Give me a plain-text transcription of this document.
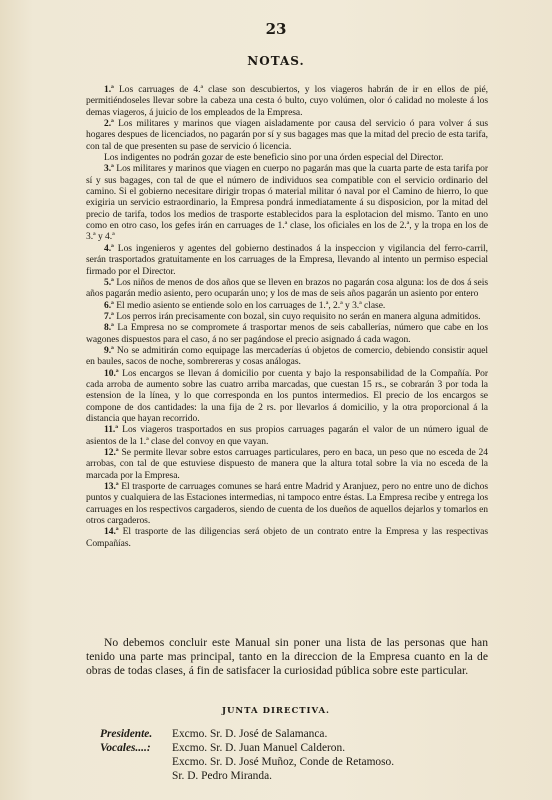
23
NOTAS.

1.ª Los carruages de 4.ª clase son descubiertos, y los viageros habrán de ir en ellos de pié, permitiéndoseles llevar sobre la cabeza una cesta ó bulto, cuyo volúmen, olor ó calidad no moleste á los demas viageros, á juicio de los empleados de la Empresa.

2.ª Los militares y marinos que viagen aisladamente por causa del servicio ó para volver á sus hogares despues de licenciados, no pagarán por sí y sus bagages mas que la mitad del precio de esta tarifa, con tal de que presenten su pase de servicio ó licencia.

Los indigentes no podrán gozar de este beneficio sino por una órden especial del Director.

3.ª Los militares y marinos que viagen en cuerpo no pagarán mas que la cuarta parte de esta tarifa por sí y sus bagages, con tal de que el número de individuos sea compatible con el servicio ordinario del camino. Si el gobierno necesitare dirigir tropas ó material militar ó naval por el Camino de hierro, lo que exigiria un servicio estraordinario, la Empresa pondrá inmediatamente á su disposicion, por la mitad del precio de tarifa, todos los medios de trasporte establecidos para la esplotacion del mismo. Tanto en uno como en otro caso, los gefes irán en carruages de 1.ª clase, los oficiales en los de 2.ª, y la tropa en los de 3.ª y 4.ª

4.ª Los ingenieros y agentes del gobierno destinados á la inspeccion y vigilancia del ferro-carril, serán trasportados gratuitamente en los carruages de la Empresa, llevando al intento un permiso especial firmado por el Director.

5.ª Los niños de menos de dos años que se lleven en brazos no pagarán cosa alguna: los de dos á seis años pagarán medio asiento, pero ocuparán uno; y los de mas de seis años pagarán un asiento por entero

6.ª El medio asiento se entiende solo en los carruages de 1.ª, 2.ª y 3.ª clase.

7.ª Los perros irán precisamente con bozal, sin cuyo requisito no serán en manera alguna admitidos.

8.ª La Empresa no se compromete á trasportar menos de seis caballerías, número que cabe en los wagones dispuestos para el caso, á no ser pagándose el precio asignado á cada wagon.

9.ª No se admitirán como equipage las mercaderías ú objetos de comercio, debiendo consistir aquel en baules, sacos de noche, sombrereras y cosas análogas.

10.ª Los encargos se llevan á domicilio por cuenta y bajo la responsabilidad de la Compañía. Por cada arroba de aumento sobre las cuatro arriba marcadas, que cuestan 15 rs., se cobrarán 3 por toda la estension de la línea, y lo que corresponda en los puntos intermedios. El precio de los encargos se compone de dos cantidades: la una fija de 2 rs. por llevarlos á domicilio, y la otra proporcional á la distancia que hayan recorrido.

11.ª Los viageros trasportados en sus propios carruages pagarán el valor de un número igual de asientos de la 1.ª clase del convoy en que vayan.

12.ª Se permite llevar sobre estos carruages particulares, pero en baca, un peso que no esceda de 24 arrobas, con tal de que estuviese dispuesto de manera que la altura total sobre la via no esceda de la marcada por la Empresa.

13.ª El trasporte de carruages comunes se hará entre Madrid y Aranjuez, pero no entre uno de dichos puntos y cualquiera de las Estaciones intermedias, ni tampoco entre éstas. La Empresa recibe y entrega los carruages en los respectivos cargaderos, siendo de cuenta de los dueños de aquellos dejarlos y tomarlos en otros cargaderos.

14.ª El trasporte de las diligencias será objeto de un contrato entre la Empresa y las respectivas Compañías.

No debemos concluir este Manual sin poner una lista de las personas que han tenido una parte mas principal, tanto en la direccion de la Empresa cuanto en la de obras de todas clases, á fin de satisfacer la curiosidad pública sobre este particular.

JUNTA DIRECTIVA.
Presidente.	Excmo. Sr. D. José de Salamanca.
Vocales....:	Excmo. Sr. D. Juan Manuel Calderon.
Excmo. Sr. D. José Muñoz, Conde de Retamoso.
Sr. D. Pedro Miranda.
